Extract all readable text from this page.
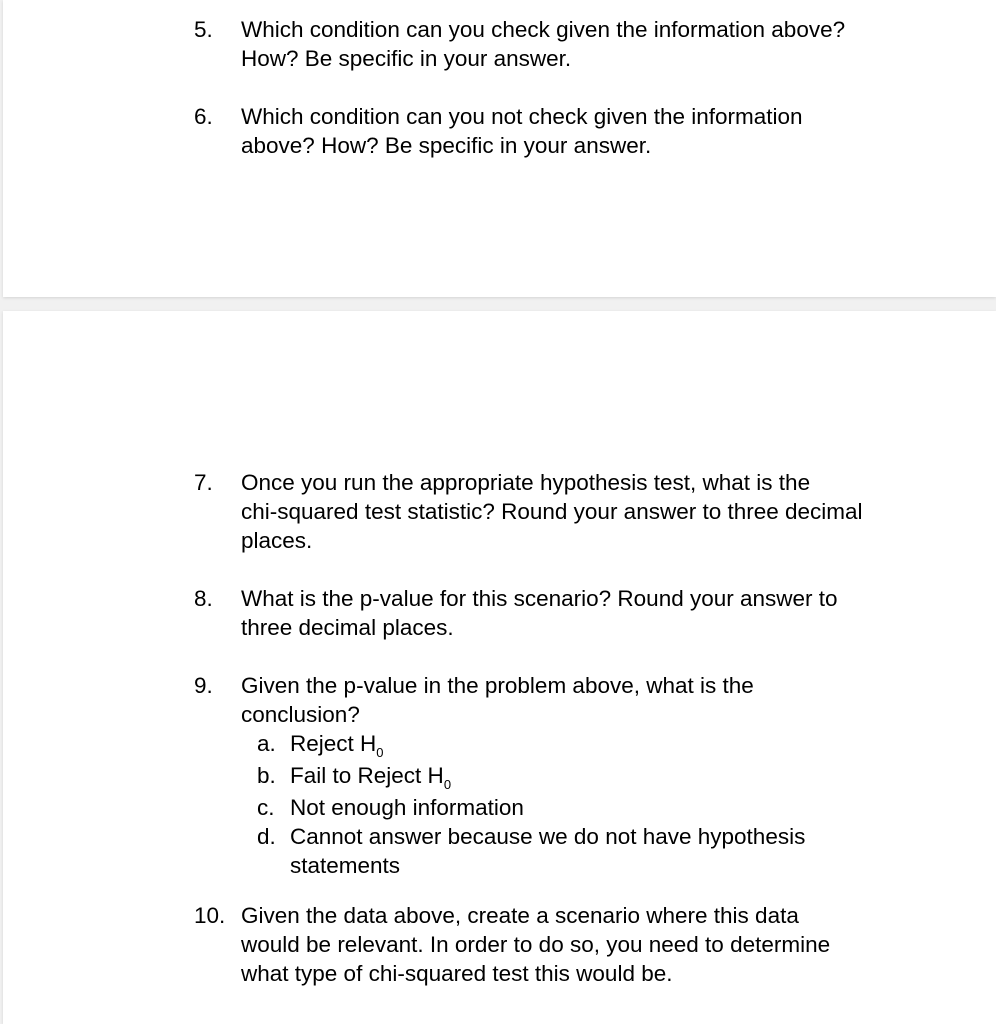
5.	Which condition can you check given the information above?
How? Be specific in your answer.
6.	Which condition can you not check given the information
above? How? Be specific in your answer.
7.	Once you run the appropriate hypothesis test, what is the
chi-squared test statistic? Round your answer to three decimal
places.
8.	What is the p-value for this scenario? Round your answer to
three decimal places.
9.	Given the p-value in the problem above, what is the
conclusion?
a. Reject $H_0$
b. Fail to Reject $H_0$
c. Not enough information
d. Cannot answer because we do not have hypothesis
statements
10. Given the data above, create a scenario where this data
would be relevant. In order to do so, you need to determine
what type of chi-squared test this would be.
